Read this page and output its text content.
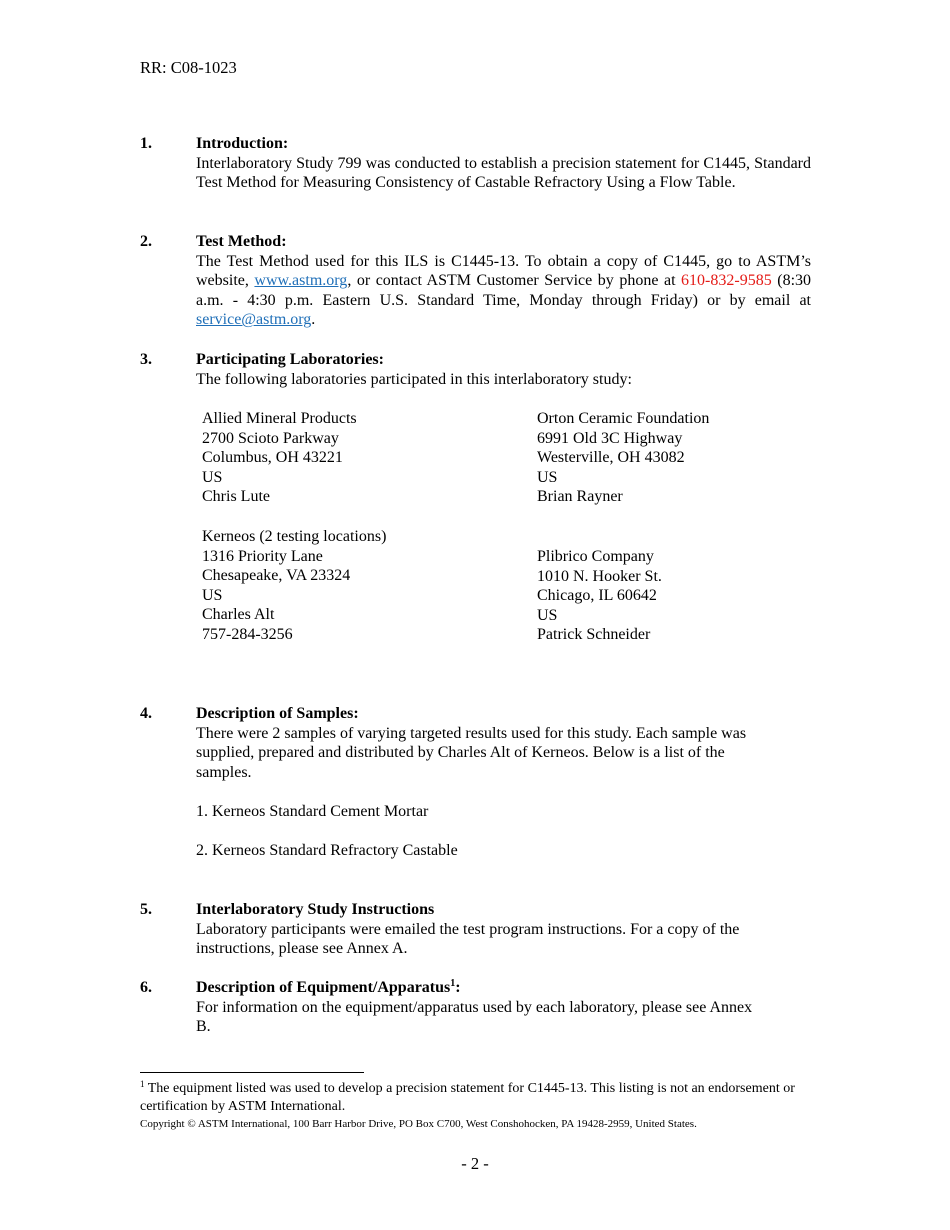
RR: C08-1023
1.	Introduction:
Interlaboratory Study 799 was conducted to establish a precision statement for C1445, Standard Test Method for Measuring Consistency of Castable Refractory Using a Flow Table.
2.	Test Method:
The Test Method used for this ILS is C1445-13. To obtain a copy of C1445, go to ASTM’s website, www.astm.org, or contact ASTM Customer Service by phone at 610-832-9585 (8:30 a.m. - 4:30 p.m. Eastern U.S. Standard Time, Monday through Friday) or by email at service@astm.org.
3.	Participating Laboratories:
The following laboratories participated in this interlaboratory study:
Allied Mineral Products
2700 Scioto Parkway
Columbus, OH 43221
US
Chris Lute
Orton Ceramic Foundation
6991 Old 3C Highway
Westerville, OH 43082
US
Brian Rayner
Kerneos (2 testing locations)
1316 Priority Lane
Chesapeake, VA 23324
US
Charles Alt
757-284-3256
Plibrico Company
1010 N. Hooker St.
Chicago, IL 60642
US
Patrick Schneider
4.	Description of Samples:
There were 2 samples of varying targeted results used for this study. Each sample was
supplied, prepared and distributed by Charles Alt of Kerneos. Below is a list of the
samples.
1. Kerneos Standard Cement Mortar
2. Kerneos Standard Refractory Castable
5.	Interlaboratory Study Instructions
Laboratory participants were emailed the test program instructions. For a copy of the
instructions, please see Annex A.
6.	Description of Equipment/Apparatus$^1$:
For information on the equipment/apparatus used by each laboratory, please see Annex
B.
$^1$ The equipment listed was used to develop a precision statement for C1445-13. This listing is not an endorsement or certification by ASTM International.
Copyright © ASTM International, 100 Barr Harbor Drive, PO Box C700, West Conshohocken, PA 19428-2959, United States.
- 2 -
